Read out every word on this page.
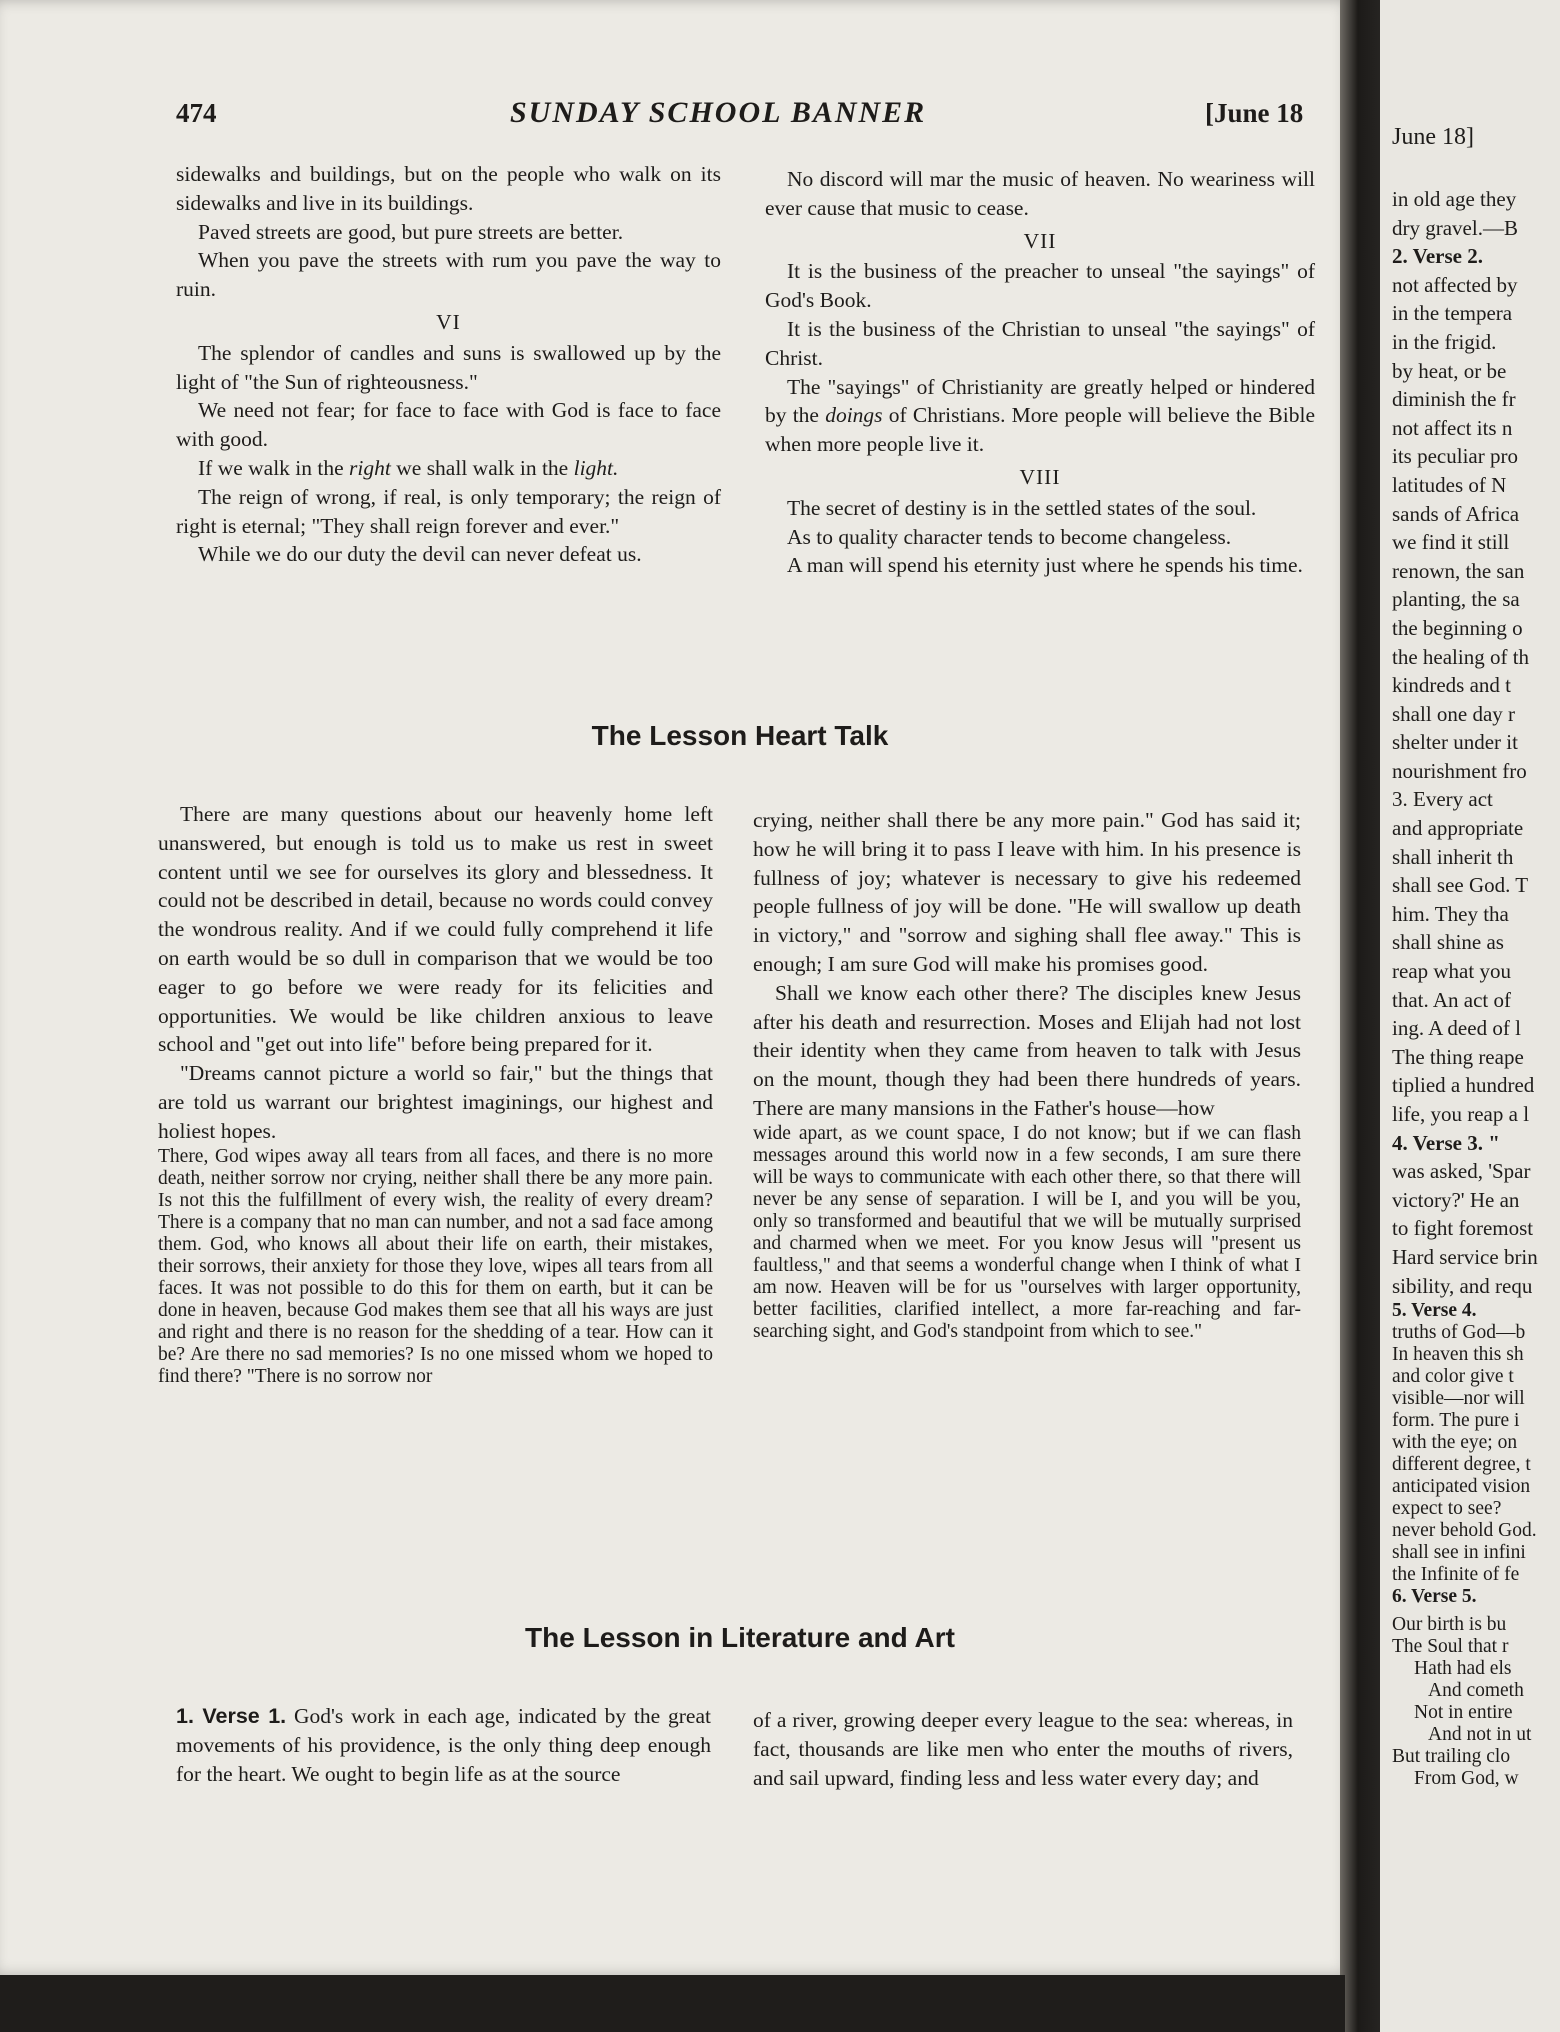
474	SUNDAY SCHOOL BANNER	[June 18

sidewalks and buildings, but on the people who walk on its sidewalks and live in its buildings.

Paved streets are good, but pure streets are better.

When you pave the streets with rum you pave the way to ruin.

VI

The splendor of candles and suns is swallowed up by the light of "the Sun of righteousness."

We need not fear; for face to face with God is face to face with good.

If we walk in the right we shall walk in the light.

The reign of wrong, if real, is only temporary; the reign of right is eternal; "They shall reign forever and ever."

While we do our duty the devil can never defeat us.

No discord will mar the music of heaven. No weariness will ever cause that music to cease.

VII

It is the business of the preacher to unseal "the sayings" of God's Book.

It is the business of the Christian to unseal "the sayings" of Christ.

The "sayings" of Christianity are greatly helped or hindered by the doings of Christians. More people will believe the Bible when more people live it.

VIII

The secret of destiny is in the settled states of the soul.

As to quality character tends to become changeless.

A man will spend his eternity just where he spends his time.

The Lesson Heart Talk

There are many questions about our heavenly home left unanswered, but enough is told us to make us rest in sweet content until we see for ourselves its glory and blessedness. It could not be described in detail, because no words could convey the wondrous reality. And if we could fully comprehend it life on earth would be so dull in comparison that we would be too eager to go before we were ready for its felicities and opportunities. We would be like children anxious to leave school and "get out into life" before being prepared for it.

"Dreams cannot picture a world so fair," but the things that are told us warrant our brightest imaginings, our highest and holiest hopes.

There, God wipes away all tears from all faces, and there is no more death, neither sorrow nor crying, neither shall there be any more pain. Is not this the fulfillment of every wish, the reality of every dream? There is a company that no man can number, and not a sad face among them. God, who knows all about their life on earth, their mistakes, their sorrows, their anxiety for those they love, wipes all tears from all faces. It was not possible to do this for them on earth, but it can be done in heaven, because God makes them see that all his ways are just and right and there is no reason for the shedding of a tear. How can it be? Are there no sad memories? Is no one missed whom we hoped to find there? "There is no sorrow nor

crying, neither shall there be any more pain." God has said it; how he will bring it to pass I leave with him. In his presence is fullness of joy; whatever is necessary to give his redeemed people fullness of joy will be done. "He will swallow up death in victory," and "sorrow and sighing shall flee away." This is enough; I am sure God will make his promises good.

Shall we know each other there? The disciples knew Jesus after his death and resurrection. Moses and Elijah had not lost their identity when they came from heaven to talk with Jesus on the mount, though they had been there hundreds of years. There are many mansions in the Father's house—how

wide apart, as we count space, I do not know; but if we can flash messages around this world now in a few seconds, I am sure there will be ways to communicate with each other there, so that there will never be any sense of separation. I will be I, and you will be you, only so transformed and beautiful that we will be mutually surprised and charmed when we meet. For you know Jesus will "present us faultless," and that seems a wonderful change when I think of what I am now. Heaven will be for us "ourselves with larger opportunity, better facilities, clarified intellect, a more far-reaching and far-searching sight, and God's standpoint from which to see."

The Lesson in Literature and Art

1. Verse 1. God's work in each age, indicated by the great movements of his providence, is the only thing deep enough for the heart. We ought to begin life as at the source

of a river, growing deeper every league to the sea: whereas, in fact, thousands are like men who enter the mouths of rivers, and sail upward, finding less and less water every day; and

June 18]
in old age they
dry gravel.—B
2. Verse 2.
not affected by
in the tempera
in the frigid.
by heat, or be
diminish the fr
not affect its n
its peculiar pro
latitudes of N
sands of Africa
we find it still
renown, the san
planting, the sa
the beginning o
the healing of th
kindreds and t
shall one day r
shelter under it
nourishment fro
3. Every act
and appropriate
shall inherit th
shall see God. T
him. They tha
shall shine as
reap what you
that. An act of
ing. A deed of l
The thing reape
tiplied a hundred
life, you reap a l
4. Verse 3. "
was asked, 'Spar
victory?' He an
to fight foremost
Hard service brin
sibility, and requ
5. Verse 4.
truths of God—b
In heaven this sh
and color give t
visible—nor will
form. The pure i
with the eye; on
different degree, t
anticipated vision
expect to see?
never behold God.
shall see in infini
the Infinite of fe
6. Verse 5.
Our birth is bu
The Soul that r
Hath had els
And cometh
Not in entire
And not in ut
But trailing clo
From God, w
